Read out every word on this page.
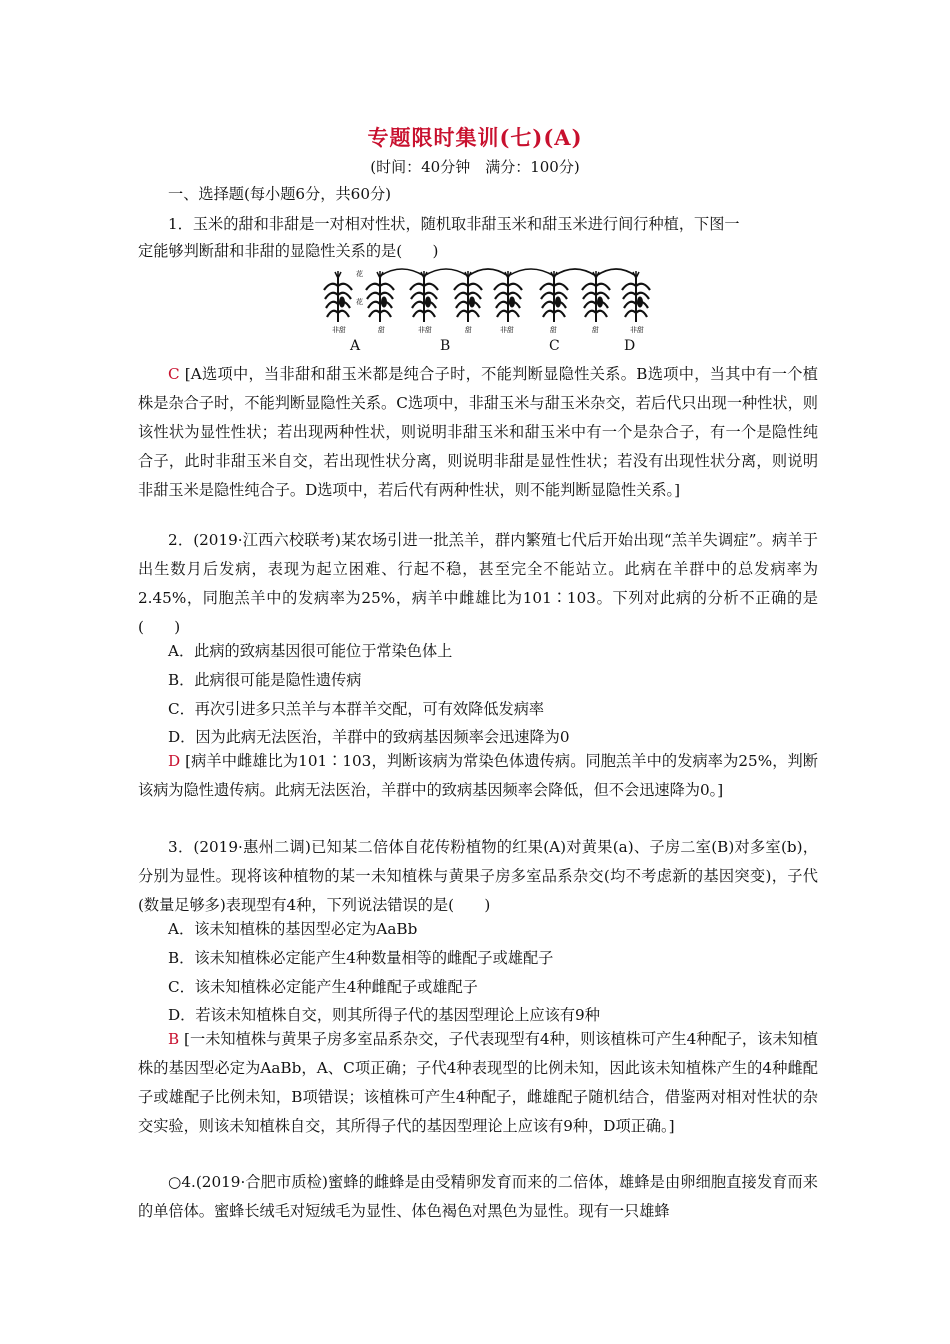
专题限时集训(七)(A)
(时间：40分钟　满分：100分)
一、选择题(每小题6分，共60分)
1．玉米的甜和非甜是一对相对性状，随机取非甜玉米和甜玉米进行间行种植，下图一
定能够判断甜和非甜的显隐性关系的是(　　)
花
花
非甜	甜	非甜	甜	非甜	甜	甜	非甜
A	B	C	D
C [A选项中，当非甜和甜玉米都是纯合子时，不能判断显隐性关系。B选项中，当其中有一个植株是杂合子时，不能判断显隐性关系。C选项中，非甜玉米与甜玉米杂交，若后代只出现一种性状，则该性状为显性性状；若出现两种性状，则说明非甜玉米和甜玉米中有一个是杂合子，有一个是隐性纯合子，此时非甜玉米自交，若出现性状分离，则说明非甜是显性性状；若没有出现性状分离，则说明非甜玉米是隐性纯合子。D选项中，若后代有两种性状，则不能判断显隐性关系。]
2．(2019·江西六校联考)某农场引进一批羔羊，群内繁殖七代后开始出现“羔羊失调症”。病羊于出生数月后发病，表现为起立困难、行起不稳，甚至完全不能站立。此病在羊群中的总发病率为2.45%，同胞羔羊中的发病率为25%，病羊中雌雄比为101∶103。下列对此病的分析不正确的是(　　)
A．此病的致病基因很可能位于常染色体上
B．此病很可能是隐性遗传病
C．再次引进多只羔羊与本群羊交配，可有效降低发病率
D．因为此病无法医治，羊群中的致病基因频率会迅速降为0
D [病羊中雌雄比为101∶103，判断该病为常染色体遗传病。同胞羔羊中的发病率为25%，判断该病为隐性遗传病。此病无法医治，羊群中的致病基因频率会降低，但不会迅速降为0。]
3．(2019·惠州二调)已知某二倍体自花传粉植物的红果(A)对黄果(a)、子房二室(B)对多室(b)，分别为显性。现将该种植物的某一未知植株与黄果子房多室品系杂交(均不考虑新的基因突变)，子代(数量足够多)表现型有4种，下列说法错误的是(　　)
A．该未知植株的基因型必定为AaBb
B．该未知植株必定能产生4种数量相等的雌配子或雄配子
C．该未知植株必定能产生4种雌配子或雄配子
D．若该未知植株自交，则其所得子代的基因型理论上应该有9种
B [一未知植株与黄果子房多室品系杂交，子代表现型有4种，则该植株可产生4种配子，该未知植株的基因型必定为AaBb，A、C项正确；子代4种表现型的比例未知，因此该未知植株产生的4种雌配子或雄配子比例未知，B项错误；该植株可产生4种配子，雌雄配子随机结合，借鉴两对相对性状的杂交实验，则该未知植株自交，其所得子代的基因型理论上应该有9种，D项正确。]
○4.(2019·合肥市质检)蜜蜂的雌蜂是由受精卵发育而来的二倍体，雄蜂是由卵细胞直接发育而来的单倍体。蜜蜂长绒毛对短绒毛为显性、体色褐色对黑色为显性。现有一只雄蜂
